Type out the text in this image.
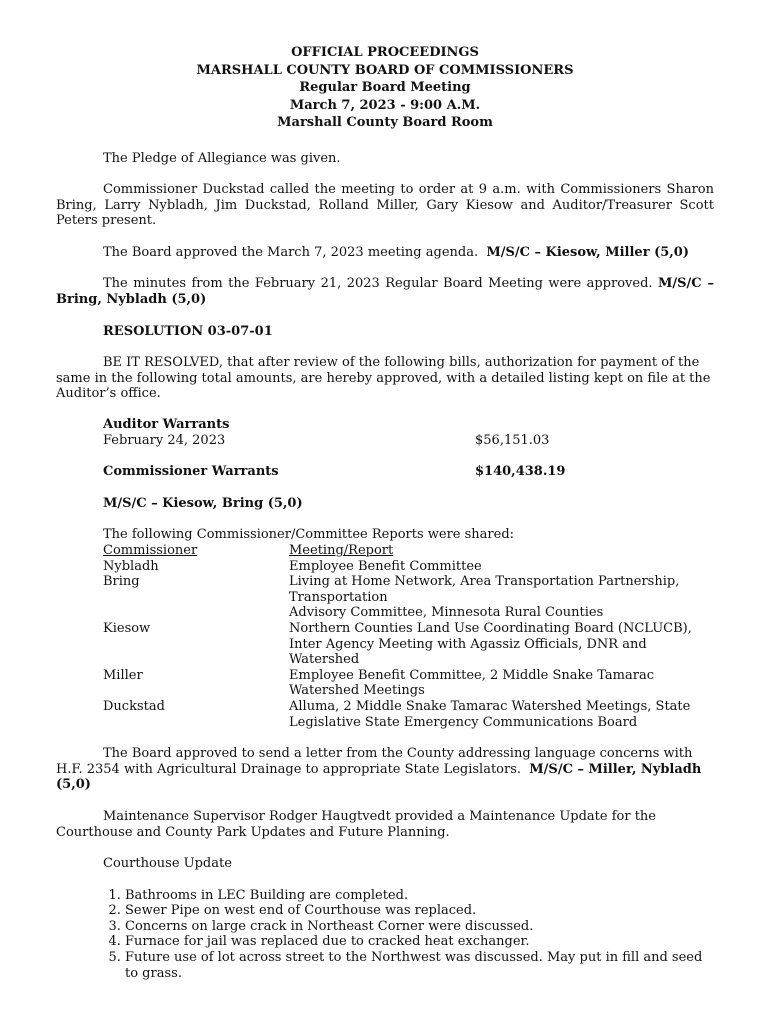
OFFICIAL PROCEEDINGS
MARSHALL COUNTY BOARD OF COMMISSIONERS
Regular Board Meeting
March 7, 2023 - 9:00 A.M.
Marshall County Board Room

The Pledge of Allegiance was given.

Commissioner Duckstad called the meeting to order at 9 a.m. with Commissioners Sharon Bring, Larry Nybladh, Jim Duckstad, Rolland Miller, Gary Kiesow and Auditor/Treasurer Scott Peters present.

The Board approved the March 7, 2023 meeting agenda. M/S/C – Kiesow, Miller (5,0)

The minutes from the February 21, 2023 Regular Board Meeting were approved. M/S/C – Bring, Nybladh (5,0)

RESOLUTION 03-07-01

BE IT RESOLVED, that after review of the following bills, authorization for payment of the same in the following total amounts, are hereby approved, with a detailed listing kept on file at the Auditor’s office.

Auditor Warrants
February 24, 2023	$56,151.03
Commissioner Warrants	$140,438.19
M/S/C – Kiesow, Bring (5,0)
The following Commissioner/Committee Reports were shared:
Commissioner	Meeting/Report
Nybladh	Employee Benefit Committee
Bring	Living at Home Network, Area Transportation Partnership, Transportation
Advisory Committee, Minnesota Rural Counties
Kiesow	Northern Counties Land Use Coordinating Board (NCLUCB), Inter Agency Meeting with Agassiz Officials, DNR and Watershed
Miller	Employee Benefit Committee, 2 Middle Snake Tamarac Watershed Meetings
Duckstad	Alluma, 2 Middle Snake Tamarac Watershed Meetings, State Legislative State Emergency Communications Board

The Board approved to send a letter from the County addressing language concerns with H.F. 2354 with Agricultural Drainage to appropriate State Legislators. M/S/C – Miller, Nybladh (5,0)

Maintenance Supervisor Rodger Haugtvedt provided a Maintenance Update for the Courthouse and County Park Updates and Future Planning.

Courthouse Update

1. Bathrooms in LEC Building are completed.
2. Sewer Pipe on west end of Courthouse was replaced.
3. Concerns on large crack in Northeast Corner were discussed.
4. Furnace for jail was replaced due to cracked heat exchanger.
5. Future use of lot across street to the Northwest was discussed. May put in fill and seed to grass.
